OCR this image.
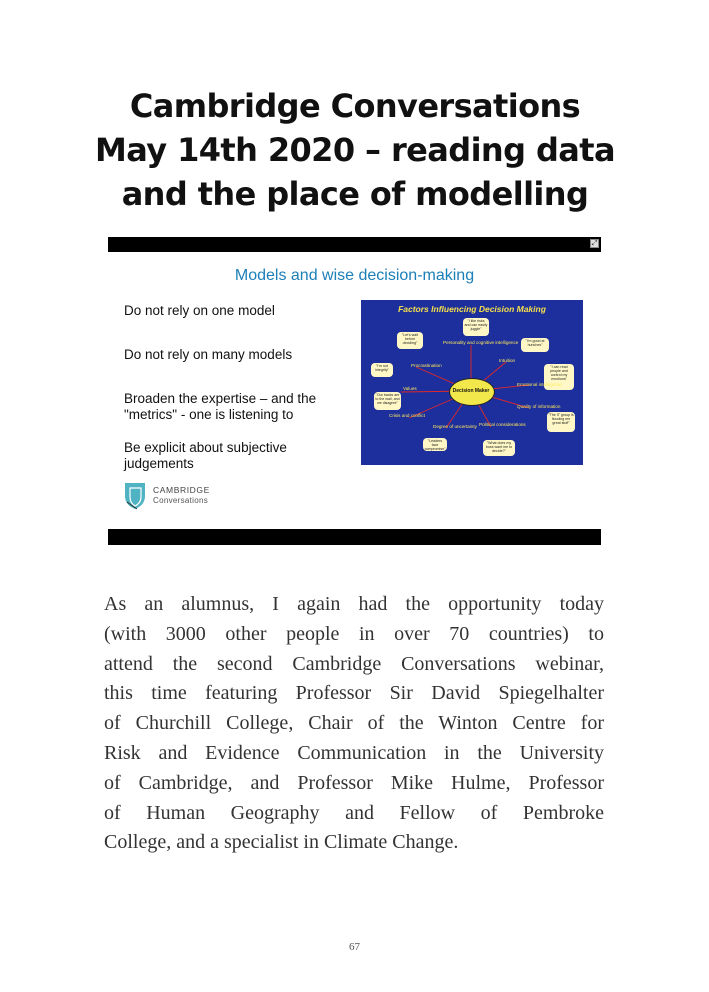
Cambridge Conversations
May 14th 2020 – reading data
and the place of modelling
⤢
Models and wise decision-making
Do not rely on one model
Do not rely on many models
Broaden the expertise – and the
"metrics" - one is listening to
Be explicit about subjective
judgements
CAMBRIDGE
Conversations
Factors Influencing Decision Making
"I like risks and can easily juggle"
"Let's wait before deciding"	"I'm good at hunches"
"I'm not integrity"
"I can read people and control my emotions"
"Our backs are to the wall, and we disagree"
"The IT group is flooding me great stuff"
"Leaders face compromise"
"What does my boss want me to decide?"
Personality and cognitive intelligence
Procrastination
Values
Crisis and conflict
Degree of uncertainty Political considerations
Quality of information
Emotional intelligence
Intuition
Decision Maker
As an alumnus, I again had the opportunity today
(with 3000 other people in over 70 countries) to
attend the second Cambridge Conversations webinar,
this time featuring Professor Sir David Spiegelhalter
of Churchill College, Chair of the Winton Centre for
Risk and Evidence Communication in the University
of Cambridge, and Professor Mike Hulme, Professor
of Human Geography and Fellow of Pembroke
College, and a specialist in Climate Change.
67
